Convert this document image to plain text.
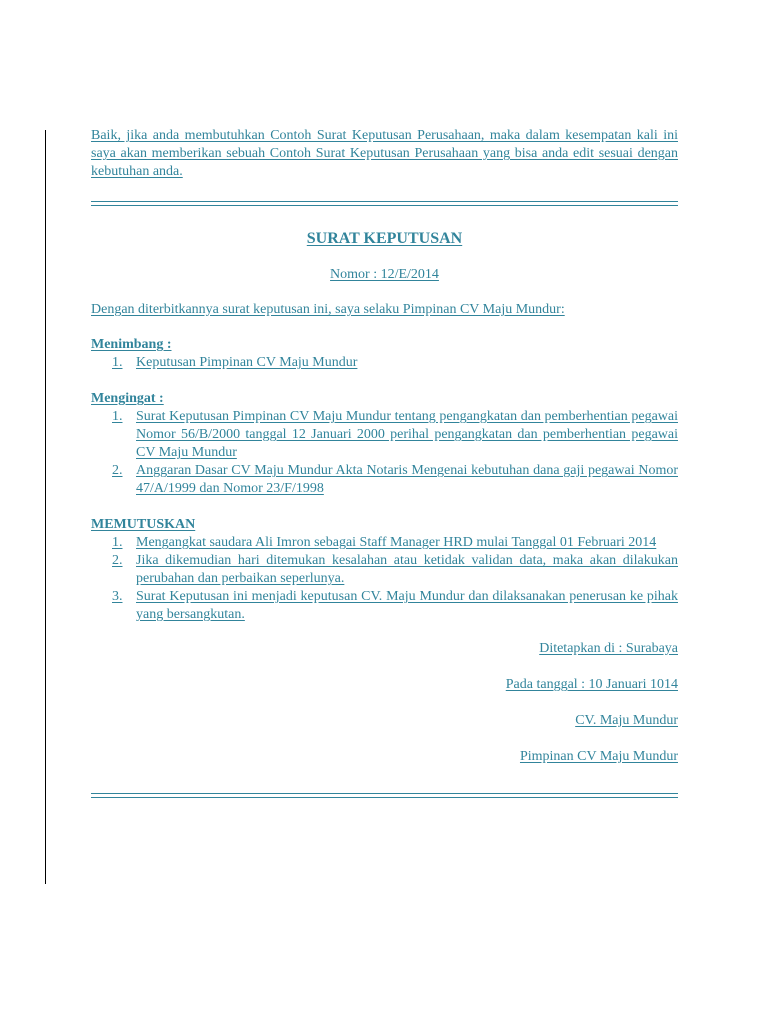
Baik, jika anda membutuhkan Contoh Surat Keputusan Perusahaan, maka dalam kesempatan kali ini saya akan memberikan sebuah Contoh Surat Keputusan Perusahaan yang bisa anda edit sesuai dengan kebutuhan anda.

SURAT KEPUTUSAN
Nomor : 12/E/2014
Dengan diterbitkannya surat keputusan ini, saya selaku Pimpinan CV Maju Mundur:
Menimbang :
1. Keputusan Pimpinan CV Maju Mundur
Mengingat :
1. Surat Keputusan Pimpinan CV Maju Mundur tentang pengangkatan dan pemberhentian pegawai Nomor 56/B/2000 tanggal 12 Januari 2000 perihal pengangkatan dan pemberhentian pegawai CV Maju Mundur
2. Anggaran Dasar CV Maju Mundur Akta Notaris Mengenai kebutuhan dana gaji pegawai Nomor 47/A/1999 dan Nomor 23/F/1998
MEMUTUSKAN
1. Mengangkat saudara Ali Imron sebagai Staff Manager HRD mulai Tanggal 01 Februari 2014
2. Jika dikemudian hari ditemukan kesalahan atau ketidak validan data, maka akan dilakukan perubahan dan perbaikan seperlunya.
3. Surat Keputusan ini menjadi keputusan CV. Maju Mundur dan dilaksanakan penerusan ke pihak yang bersangkutan.
Ditetapkan di : Surabaya
Pada tanggal : 10 Januari 1014
CV. Maju Mundur
Pimpinan CV Maju Mundur
